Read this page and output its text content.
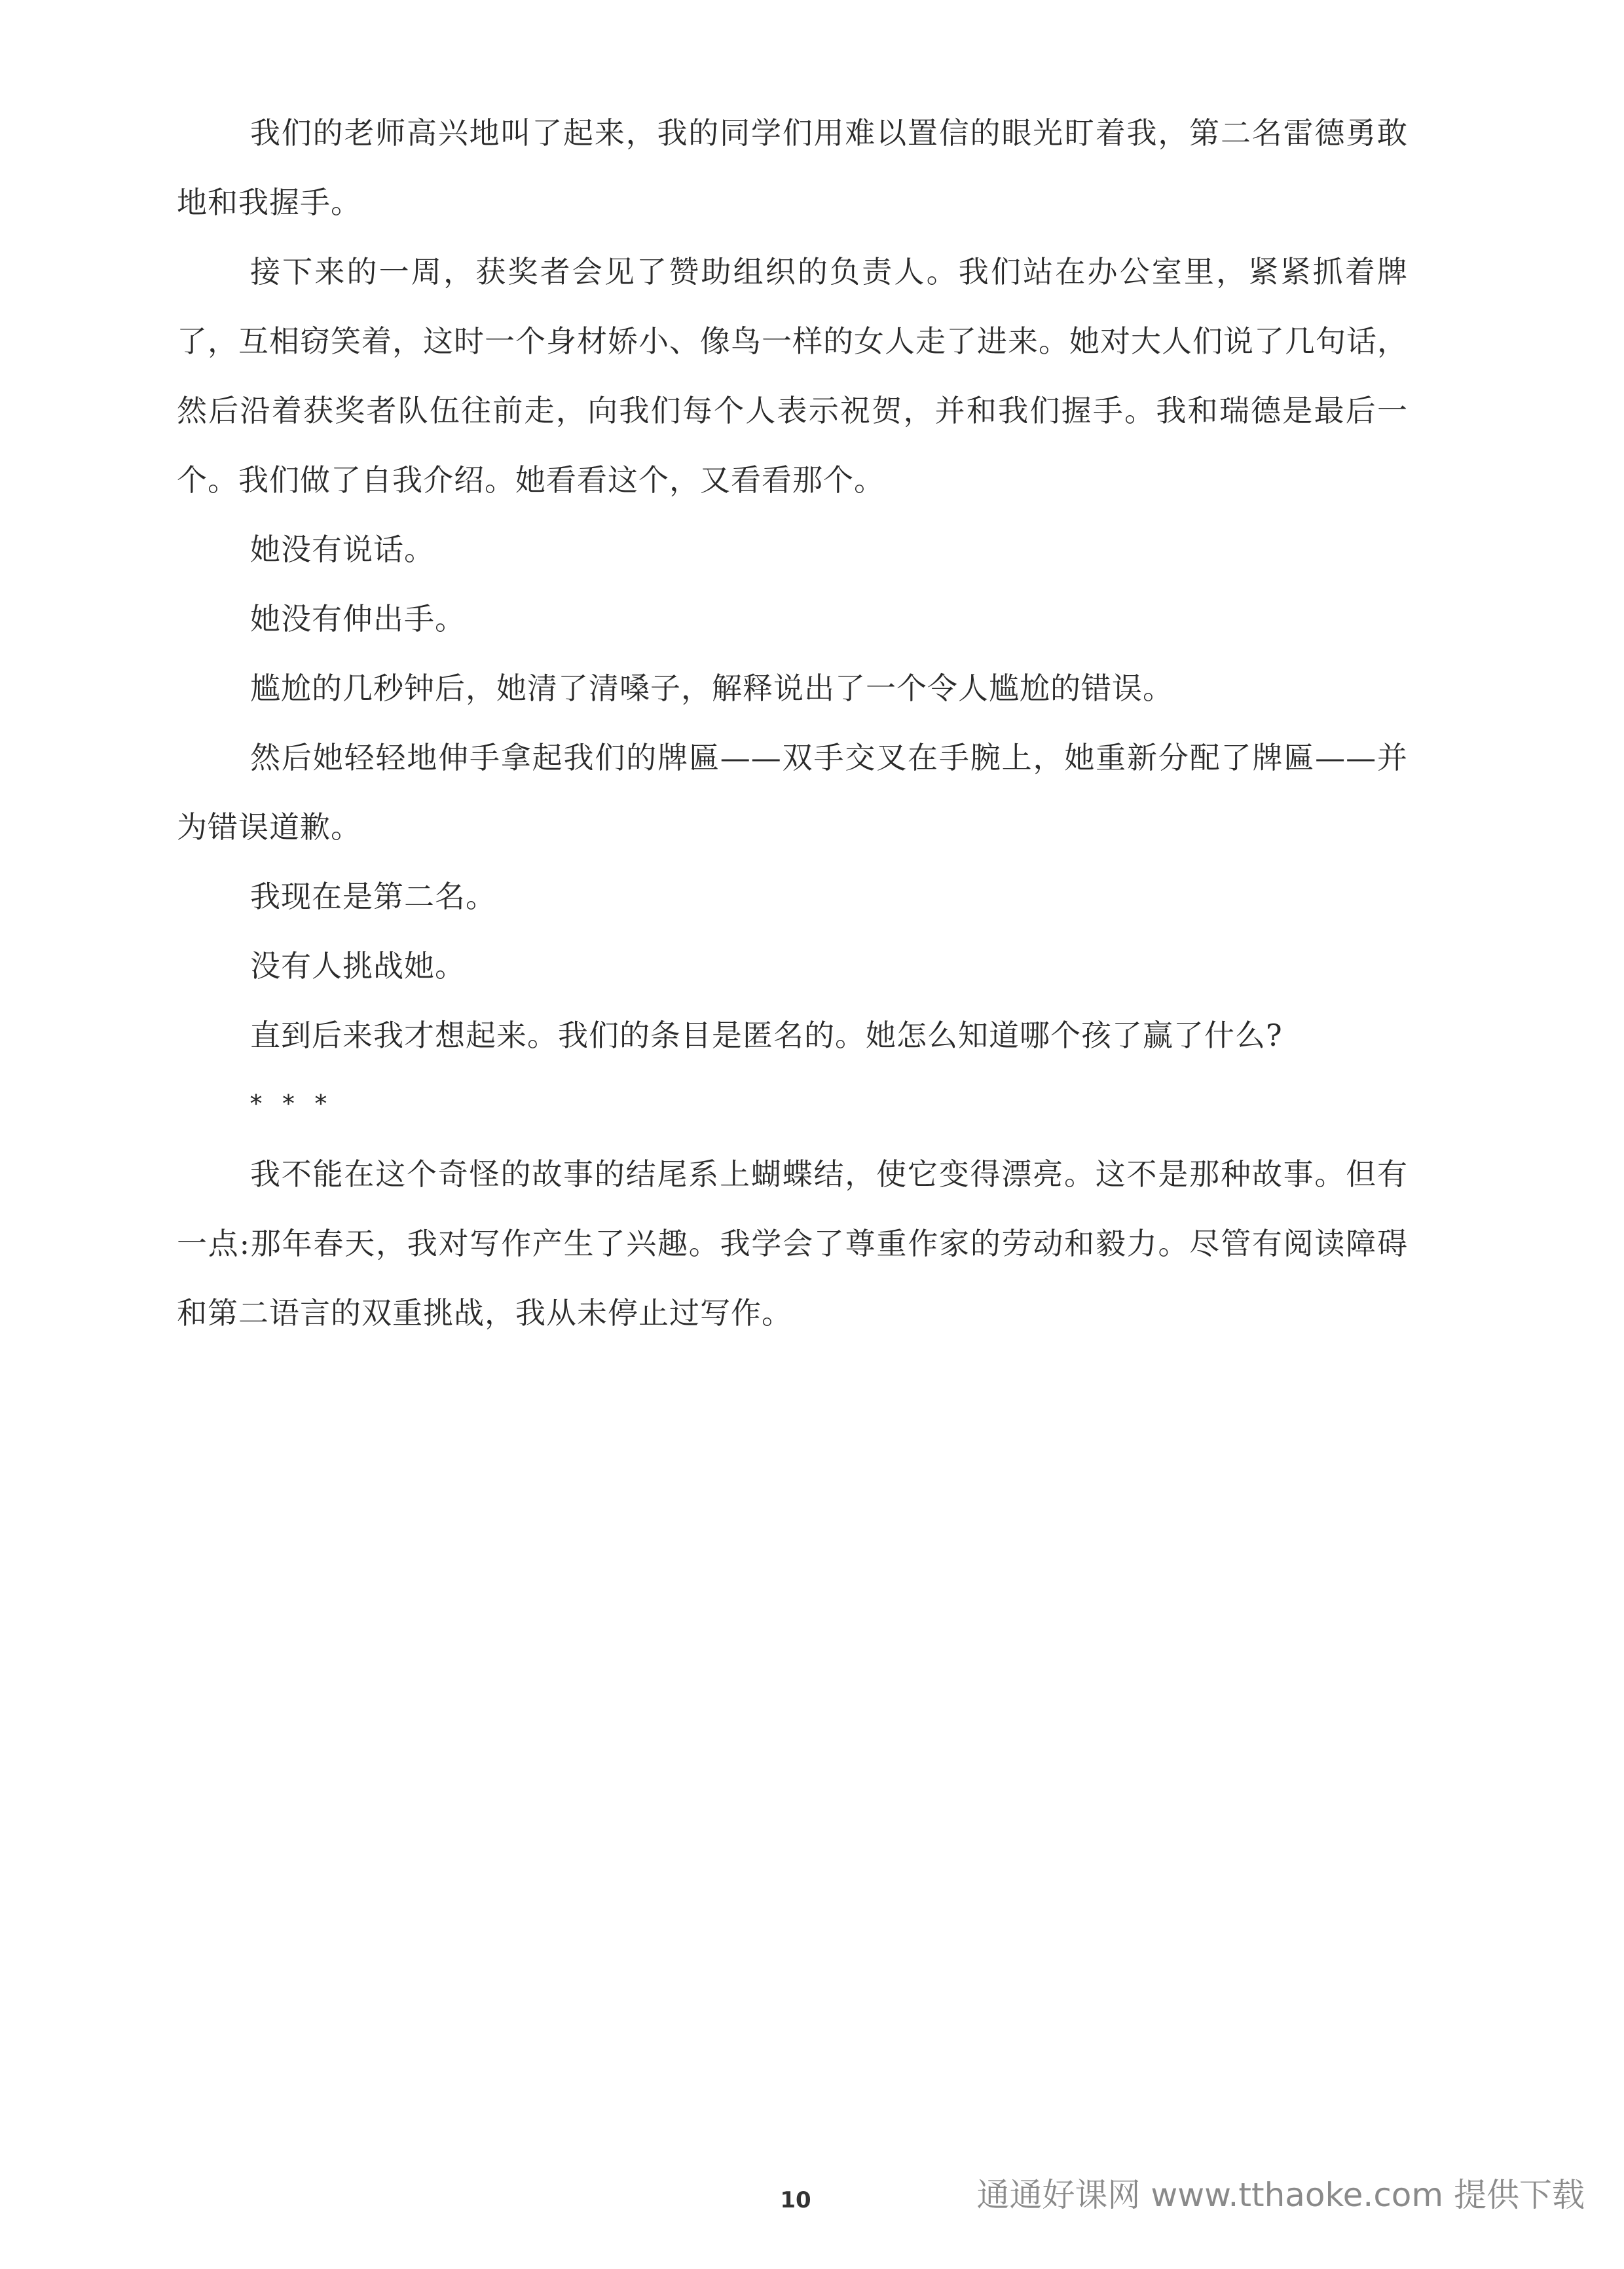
我们的老师高兴地叫了起来，我的同学们用难以置信的眼光盯着我，第二名雷德勇敢地和我握手。

接下来的一周，获奖者会见了赞助组织的负责人。我们站在办公室里，紧紧抓着牌了，互相窃笑着，这时一个身材娇小、像鸟一样的女人走了进来。她对大人们说了几句话，然后沿着获奖者队伍往前走，向我们每个人表示祝贺，并和我们握手。我和瑞德是最后一个。我们做了自我介绍。她看看这个，又看看那个。

她没有说话。

她没有伸出手。

尴尬的几秒钟后，她清了清嗓子，解释说出了一个令人尴尬的错误。

然后她轻轻地伸手拿起我们的牌匾——双手交叉在手腕上，她重新分配了牌匾——并为错误道歉。

我现在是第二名。

没有人挑战她。

直到后来我才想起来。我们的条目是匿名的。她怎么知道哪个孩了赢了什么?

* * *

我不能在这个奇怪的故事的结尾系上蝴蝶结，使它变得漂亮。这不是那种故事。但有一点:那年春天，我对写作产生了兴趣。我学会了尊重作家的劳动和毅力。尽管有阅读障碍和第二语言的双重挑战，我从未停止过写作。

10	通通好课网 www.tthaoke.com 提供下载
